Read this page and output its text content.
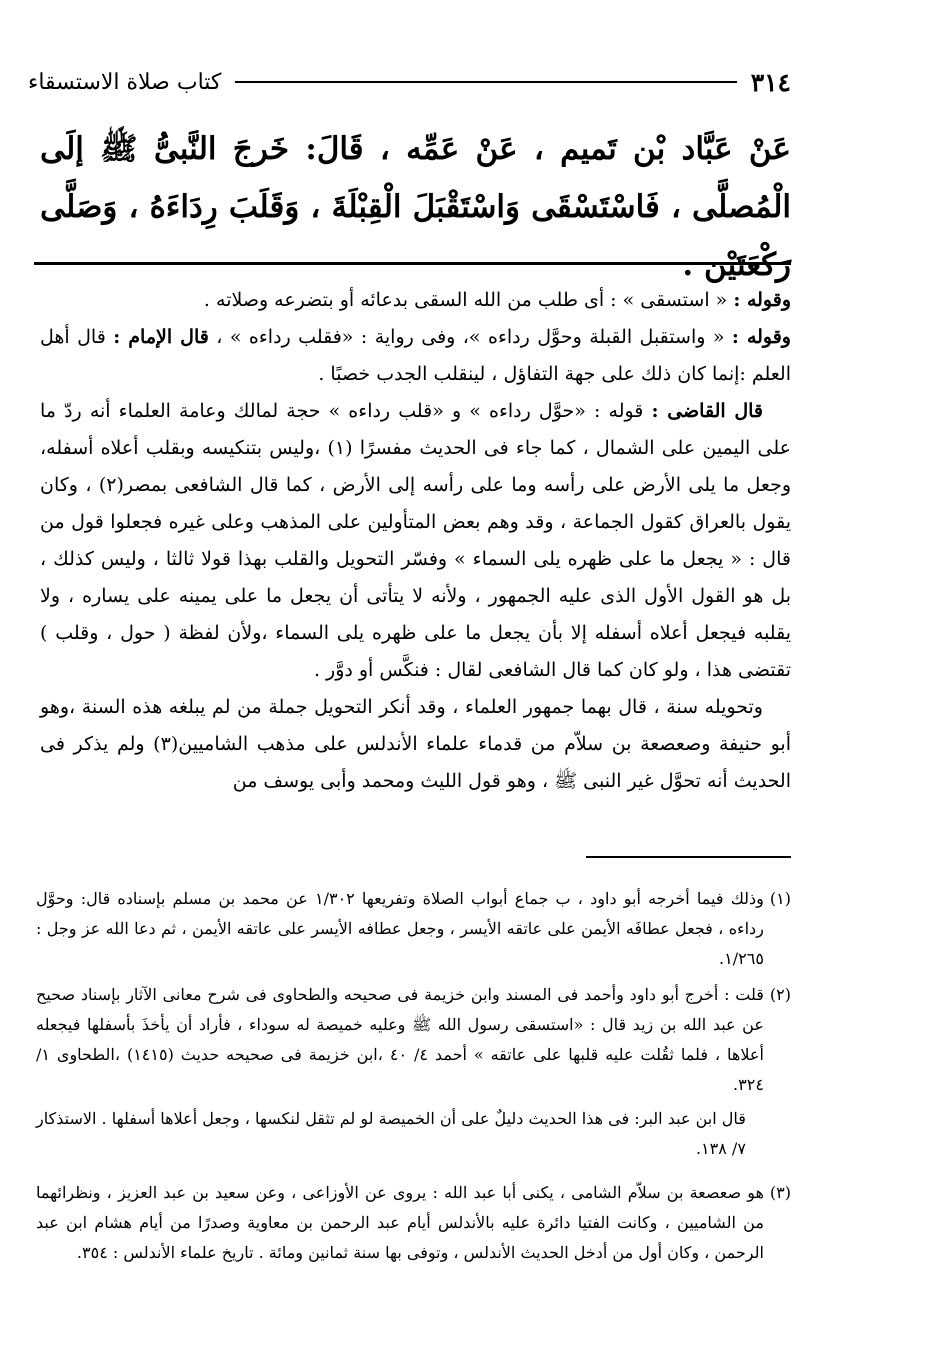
٣١٤
كتاب صلاة الاستسقاء
عَنْ عَبَّاد بْن تَميم ، عَنْ عَمِّه ، قَالَ: خَرجَ النَّبىُّ ﷺ إلَى الْمُصلَّى ، فَاسْتَسْقَى وَاسْتَقْبَلَ الْقِبْلَةَ ، وَقَلَبَ رِدَاءَهُ ، وَصَلَّى رَكْعَتَيْن .

وقوله : « استسقى » : أى طلب من الله السقى بدعائه أو بتضرعه وصلاته .

وقوله : « واستقبل القبلة وحوَّل رداءه »، وفى رواية : «فقلب رداءه » ، قال الإمام : قال أهل العلم :إنما كان ذلك على جهة التفاؤل ، لينقلب الجدب خصبًا .

قال القاضى : قوله : «حوَّل رداءه » و «قلب رداءه » حجة لمالك وعامة العلماء أنه ردّ ما على اليمين على الشمال ، كما جاء فى الحديث مفسرًا (١) ،وليس بتنكيسه وبقلب أعلاه أسفله، وجعل ما يلى الأرض على رأسه وما على رأسه إلى الأرض ، كما قال الشافعى بمصر(٢) ، وكان يقول بالعراق كقول الجماعة ، وقد وهم بعض المتأولين على المذهب وعلى غيره فجعلوا قول من قال : « يجعل ما على ظهره يلى السماء » وفسّر التحويل والقلب بهذا قولا ثالثا ، وليس كذلك ، بل هو القول الأول الذى عليه الجمهور ، ولأنه لا يتأتى أن يجعل ما على يمينه على يساره ، ولا يقلبه فيجعل أعلاه أسفله إلا بأن يجعل ما على ظهره يلى السماء ،ولأن لفظة ( حول ، وقلب ) تقتضى هذا ، ولو كان كما قال الشافعى لقال : فنكَّس أو دوَّر .

وتحويله سنة ، قال بهما جمهور العلماء ، وقد أنكر التحويل جملة من لم يبلغه هذه السنة ،وهو أبو حنيفة وصعصعة بن سلاّم من قدماء علماء الأندلس على مذهب الشاميين(٣) ولم يذكر فى الحديث أنه تحوَّل غير النبى ﷺ ، وهو قول الليث ومحمد وأبى يوسف من

(١)
وذلك فيما أخرجه أبو داود ، ب جماع أبواب الصلاة وتفريعها ١/٣٠٢ عن محمد بن مسلم بإسناده قال: وحوَّل رداءه ، فجعل عطافَه الأيمن على عاتقه الأيسر ، وجعل عطافه الأيسر على عاتقه الأيمن ، ثم دعا الله عز وجل : ١/٢٦٥.
(٢)
قلت : أخرج أبو داود وأحمد فى المسند وابن خزيمة فى صحيحه والطحاوى فى شرح معانى الآثار بإسناد صحيح عن عبد الله بن زيد قال : «استسقى رسول الله ﷺ وعليه خميصة له سوداء ، فأراد أن يأخذَ بأسفلها فيجعله أعلاها ، فلما ثقُلت عليه قلبها على عاتقه » أحمد ٤/ ٤٠ ،ابن خزيمة فى صحيحه حديث (١٤١٥) ،الطحاوى ١/ ٣٢٤.
قال ابن عبد البر: فى هذا الحديث دليلٌ على أن الخميصة لو لم تثقل لنكسها ، وجعل أعلاها أسفلها . الاستذكار ٧/ ١٣٨.
(٣)
هو صعصعة بن سلاّم الشامى ، يكنى أبا عبد الله : يروى عن الأوزاعى ، وعن سعيد بن عبد العزيز ، ونظرائهما من الشاميين ، وكانت الفتيا دائرة عليه بالأندلس أيام عبد الرحمن بن معاوية وصدرًا من أيام هشام ابن عبد الرحمن ، وكان أول من أدخل الحديث الأندلس ، وتوفى بها سنة ثمانين ومائة . تاريخ علماء الأندلس : ٣٥٤.
